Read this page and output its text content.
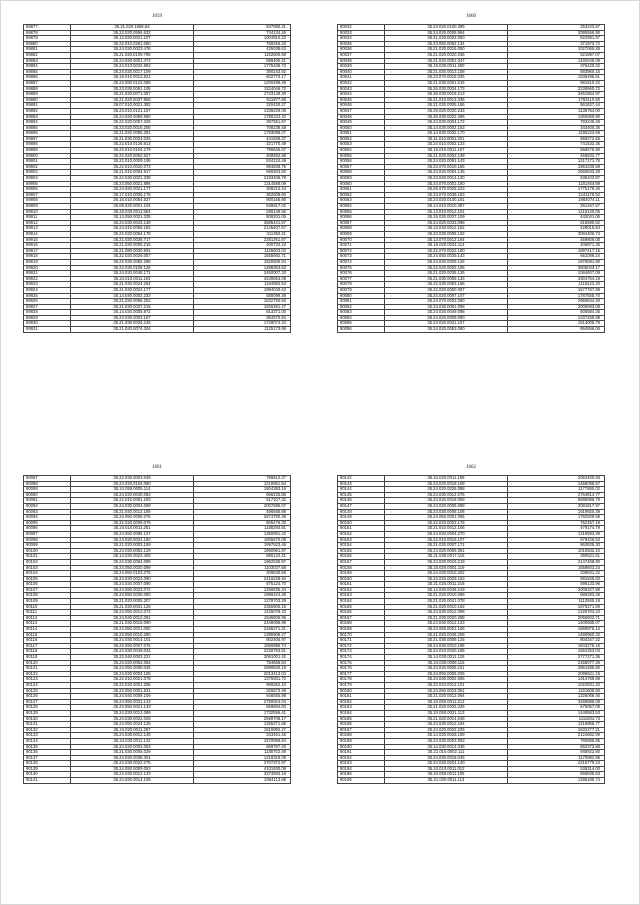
1659
89877	35.21.020.1868.63	837990.31
89878	35.22.020.0556.632	744134.46
89879	35.12.020.0021.107	1004910.23
89880	35.22.010.0261.060	769256.33
89881	35.24.020.0023.476	425038.63
89882	35.21.020.0109.795	1152500.69
89883	35.24.020.0001.473	896400.41
89884	35.24.010.0032.863	1775346.73
89885	35.24.020.0017.109	390243.92
89886	35.18.010.0012.821	602770.17
89887	35.23.080.0123.089	1200498.49
89888	35.23.030.0081.105	1524046.72
89889	35.21.020.0071.087	1743149.30
89890	35.21.020.0037.855	811977.65
89891	35.07.010.0021.382	320430.27
89892	35.23.010.0121.157	1338229.08
89893	35.24.020.0069.990	1780234.42
89894	35.22.020.0057.326	397551.67
89895	35.23.020.0016.205	708238.48
89896	35.21.020.0085.281	1793088.07
89897	35.21.030.0004.025	441936.37
89898	35.22.010.0126.913	321770.49
89899	35.23.010.0104.279	796635.67
89900	35.22.020.0062.627	408692.88
89901	35.22.010.0009.195	634124.49
89902	35.22.010.0020.073	894838.75
89903	35.21.010.0004.817	669303.50
89904	35.22.040.0021.338	2193406.79
89905	35.24.050.0021.896	1314588.09
89906	35.24.020.0021.177	306210.44
89907	35.17.010.0005.178	362508.60
89908	35.16.010.0054.527	900166.90
89909	35.08.020.0001.104	636617.02
89910	35.23.040.0011.554	286149.56
89911	35.14.050.0021.335	508201.05
89912	35.24.030.0043.148	3685441.57
89913	35.24.010.0055.192	2145407.57
89914	35.22.020.0064.178	311350.21
89915	35.21.030.0036.717	2281261.67
89916	35.21.030.0005.216	409734.22
89917	35.21.080.0030.602	1125603.02
89918	35.22.020.0026.057	1655692.71
89919	35.22.030.0082.286	1820806.84
89920	35.22.030.0108.126	1498363.63
89921	35.24.020.0048.171	2450007.33
89922	35.24.010.0011.102	4230653.08
89923	35.21.040.0024.264	1194982.53
89924	35.21.040.0024.177	1994040.43
89925	35.14.040.0002.233	580099.48
89926	35.21.030.0086.252	1832750.60
89927	35.21.030.0037.215	1926481.47
89928	35.14.020.0005.972	813371.00
89929	35.23.030.0003.157	364570.84
89930	35.21.030.0026.245	1728074.34
89931	35.21.020.0074.304	1125173.89
1660
90032	35.24.020.0100.395	253233.57
90033	35.24.020.0008.964	2095556.90
90034	35.21.020.0023.050	622991.57
90035	35.23.050.0062.134	371973.72
90036	35.21.020.0015.050	1027065.28
90037	35.21.020.0020.036	521897.07
90038	35.21.020.0001.047	1432045.08
90039	35.15.030.0011.260	376420.32
90040	35.21.030.0013.158	883960.15
90041	35.23.070.0015.035	1535495.61
90042	35.21.030.0001.016	881610.22
90043	35.26.020.0034.173	2239960.72
90044	35.26.030.0019.213	3451864.97
90045	35.21.010.0013.336	1763110.60
90046	35.21.030.0005.166	561637.44
90047	35.26.020.0020.233	1136764.00
90048	35.26.030.0022.296	1365069.90
90049	35.24.030.0004.172	783245.46
90050	35.14.030.0002.153	343400.35
90051	35.14.030.0032.170	1196223.69
90052	35.11.010.0001.201	669272.65
90053	35.24.010.0002.133	741532.35
90054	35.16.010.0011.157	566576.90
90055	35.21.020.0003.138	456832.77
90056	35.24.020.0091.143	1217171.76
90057	35.23.070.0010.165	1964230.59
90058	35.24.020.0004.135	2665633.28
90059	35.23.040.0014.130	536103.87
90060	35.24.070.0001.180	1181464.69
90061	35.26.070.0025.223	1775178.26
90062	35.24.070.0039.163	1241176.52
90063	35.24.020.0100.181	1992074.11
90064	35.14.010.0010.387	261347.67
90065	35.13.010.0012.101	1215120.06
90066	35.15.030.0037.109	442041.06
90067	35.24.020.0033.098	615590.62
90068	35.13.040.0012.162	428016.64
90069	35.23.030.0008.132	3084406.74
90070	35.13.070.0012.164	459806.08
90071	35.16.020.0024.114	408871.35
90072	35.22.070.0022.160	1897417.15
90073	35.24.050.0025.143	661088.24
90074	35.24.030.0009.126	1976591.80
90075	35.22.040.0002.106	3605043.17
90076	35.21.020.0035.126	1084607.09
90077	35.21.030.0005.133	4304754.19
90078	35.22.030.0083.166	1115422.20
90079	35.22.020.0050.097	1577767.99
90080	35.24.020.0097.107	1787555.70
90081	35.24.070.0003.090	2966644.40
90082	35.24.030.0091.098	2008993.09
90083	35.24.020.0049.098	605584.35
90084	35.24.020.0009.090	1337255.89
90085	35.24.020.0031.157	1514006.79
90086	35.24.020.0053.060	894856.06
1661
90087	35.22.030.0003.049	796612.27
90088	35.24.020.0104.080	1216951.54
90089	35.24.050.0005.114	1904393.16
90090	35.24.020.0040.063	966225.85
90091	35.22.010.0091.193	517107.32
90092	35.24.030.0004.069	2007695.07
90093	35.21.040.0012.185	496568.88
90094	35.24.050.0006.076	2674780.39
90095	35.22.020.0009.079	805476.30
90096	35.24.010.0011.251	1188293.81
90097	35.24.050.0096.127	1350891.22
90098	35.24.020.0031.160	1865670.09
90099	35.21.020.0003.159	1997523.48
90100	35.24.020.0052.129	1990961.87
90101	35.14.030.0022.405	865122.41
90102	35.24.030.0064.099	1962536.97
90103	35.24.050.0020.099	1103037.58
90104	35.24.050.0103.075	309630.56
90105	35.24.030.0024.090	2416228.94
90106	35.24.020.0007.090	875124.70
90107	35.24.050.0023.072	1256835.44
90108	35.24.050.0035.090	1996424.48
90109	35.21.020.0005.207	1278703.29
90110	35.21.020.0031.125	2355906.15
90111	35.24.050.0012.073	1425078.43
90112	35.24.040.0012.081	1546605.95
90113	35.21.030.0015.090	2449086.99
90114	35.24.050.0021.050	2186271.31
90115	35.23.050.0010.290	1395908.27
90116	35.24.030.0014.101	802405.97
90117	35.22.050.0007.075	1856996.74
90118	35.24.030.0049.044	2228763.81
90119	35.23.040.0003.221	3061001.42
90120	35.24.020.0052.084	764666.84
90121	35.24.050.0009.045	2999530.19
90122	35.24.030.0004.105	2013413.04
90123	35.22.010.0021.078	1375931.72
90124	35.22.020.0001.255	969262.10
90125	35.22.050.0001.531	326673.49
90126	35.24.040.0009.109	946555.98
90127	35.24.050.0031.143	2780924.04
90128	35.24.050.0021.133	659694.60
90129	35.24.030.0012.089	1732556.41
90130	35.24.030.0022.029	2599708.17
90131	35.24.050.0024.126	1355271.65
90132	35.24.020.0011.297	1615992.27
90133	35.24.030.0012.145	343451.46
90134	35.24.030.0011.142	1570958.84
90135	35.24.020.0002.003	669767.40
90136	35.21.030.0005.029	1185702.49
90137	35.24.020.0036.301	1216318.09
90138	35.24.030.0022.075	3707372.97
90139	35.24.050.0009.053	4101930.08
90140	35.24.040.0012.133	3374593.18
90141	35.24.020.0014.106	2464113.89
1662
90142	35.24.020.0011.199	2053400.93
90143	35.24.020.0018.108	1458096.57
90144	35.24.020.0026.088	1177680.02
90145	35.24.030.0012.075	2764814.77
90146	35.24.020.0018.069	6885086.79
90147	35.24.020.0005.098	2081817.97
90148	35.24.030.0008.106	1919920.39
90149	35.24.050.0001.055	1782509.68
90150	35.22.020.0003.175	762457.19
90151	35.21.010.0012.106	479174.79
90152	35.24.020.0004.270	1318983.39
90153	35.22.010.0015.107	879426.53
90154	35.21.030.0007.171	863836.30
90155	35.24.020.0005.051	1010932.10
90156	35.21.030.0017.116	390521.61
90157	35.24.020.0019.219	2147468.90
90158	35.24.020.0001.119	1558603.24
90159	35.24.020.0010.202	339631.22
90160	35.24.020.0029.153	981845.83
90161	35.21.020.0011.218	896133.96
90162	35.14.040.0046.219	2006327.98
90163	35.21.020.0010.088	686283.49
90164	35.21.020.0041.078	1112565.19
90165	35.21.020.0010.162	1970271.69
90166	35.24.030.0012.098	1225704.24
90167	35.21.030.0020.298	2066602.71
90168	35.24.040.0012.123	1400565.07
90169	35.24.050.0021.106	1669976.16
90170	35.21.020.0048.208	1480960.32
90171	35.21.030.0009.125	804347.22
90172	35.24.030.0010.196	1643275.16
90173	35.24.010.0020.166	1564353.03
90174	35.14.030.0011.126	2777271.35
90175	35.24.030.0006.115	2158077.26
90176	35.24.020.0005.161	2861485.60
90177	35.24.050.0006.025	2096521.15
90178	35.24.030.0002.065	1314769.89
90179	35.22.010.0012.101	1022831.32
90180	35.24.050.0019.051	1161608.80
90181	35.21.020.0012.064	1326066.40
90182	35.24.050.0011.212	3268988.09
90183	35.21.020.0032.226	675057.08
90184	35.24.050.0021.113	1449583.53
90185	35.21.020.0014.048	1111004.73
90186	35.24.030.0012.164	1218966.77
90187	35.24.020.0022.225	1632277.21
90188	35.14.020.0028.199	2124662.99
90189	35.24.030.0003.053	760896.95
90190	35.14.030.0014.035	862373.88
90191	35.21.010.0002.111	946922.80
90192	35.24.030.0018.045	1170982.86
90193	35.24.040.0024.140	2216779.23
90194	35.24.010.0011.012	536314.00
90195	35.24.050.0011.105	666835.63
90196	35.21.020.0011.113	1286195.74
